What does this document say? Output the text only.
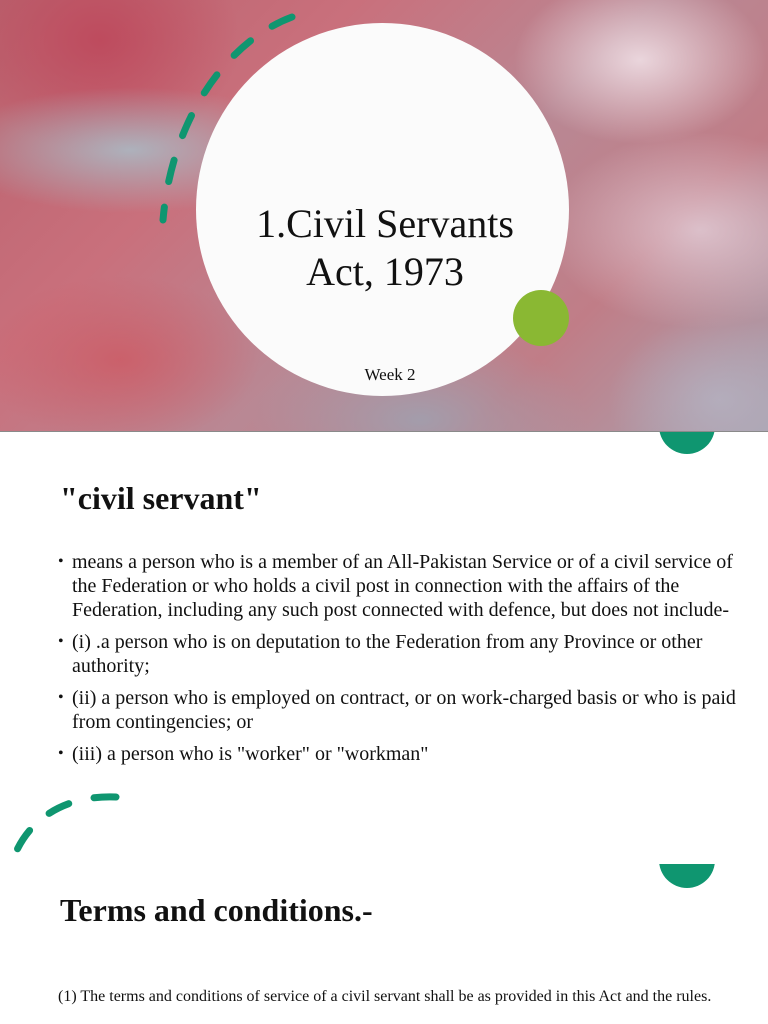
1.Civil Servants
Act, 1973
Week 2
"civil servant"
• means a person who is a member of an All-Pakistan Service or of a civil service of the Federation or who holds a civil post in connection with the affairs of the Federation, including any such post connected with defence, but does not include-
• (i) .a person who is on deputation to the Federation from any Province or other authority;
• (ii) a person who is employed on contract, or on work-charged basis or who is paid from contingencies; or
• (iii) a person who is "worker" or "workman"
Terms and conditions.-

(1) The terms and conditions of service of a civil servant shall be as provided in this Act and the rules.
